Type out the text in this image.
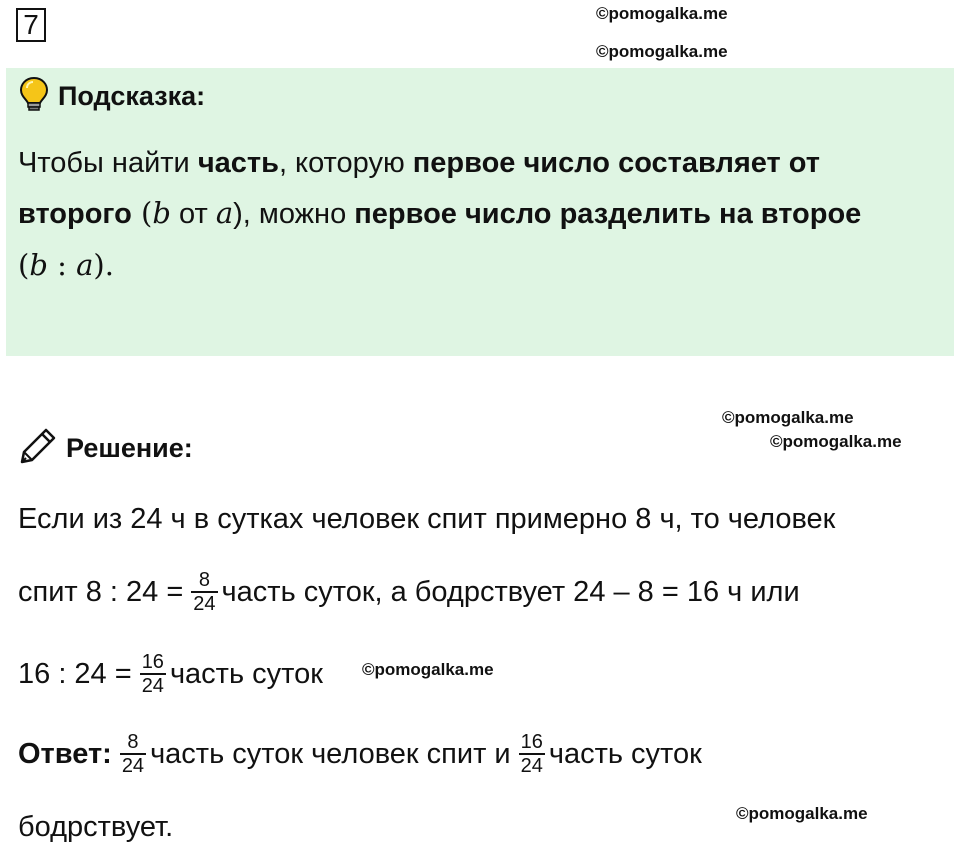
7	©pomogalka.me
©pomogalka.me
Подсказка:
Чтобы найти часть, которую первое число составляет от
второго (b от a), можно первое число разделить на второе
(b : a).
©pomogalka.me
©pomogalka.me
Решение:
Если из 24 ч в сутках человек спит примерно 8 ч, то человек
спит 8 : $24 = \frac{8}{24}$ часть суток, а бодрствует 24 – 8 = 16 ч или
16 : $24 = \frac{16}{24}$ часть суток ©pomogalka.me
Ответ: $\frac{8}{24}$ часть суток человек спит и $\frac{16}{24}$ часть суток
©pomogalka.me
бодрствует.
